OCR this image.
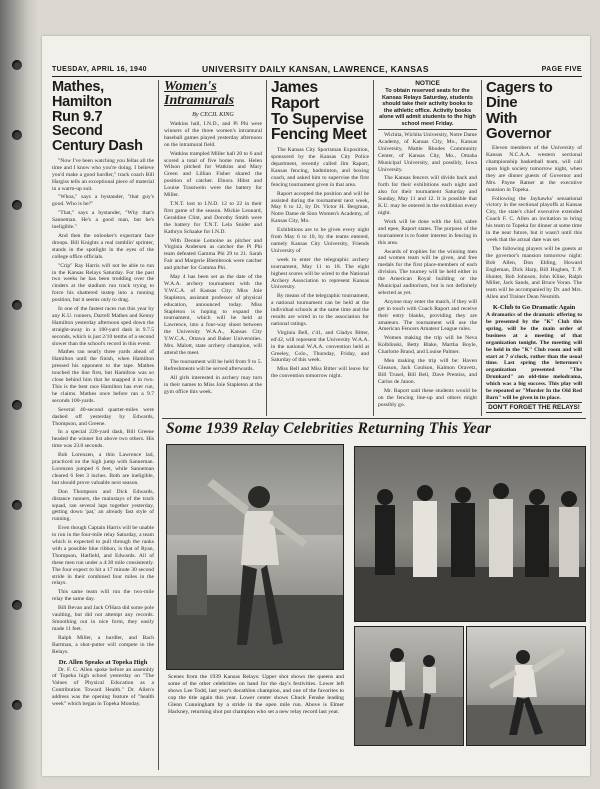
TUESDAY, APRIL 16, 1940	UNIVERSITY DAILY KANSAN, LAWRENCE, KANSAS	PAGE FIVE
Mathes, Hamilton
Run 9.7 Second
Century Dash

"Now I've been watching you fellas all the time and I know who you're doing. I believe you'd make a good hurdler," track coach Bill Hargiss tells an exceptional piece of material in a warm-up suit.

"Whoa," says a bystander, "that guy's good. Who is he?"

"That," says a bystander, "Why that's Sanneman. He's a good man, but he's ineligible."

And then the onlooker's expectant face droops. Bill Knights a real ramblin' sprinter, stands in the spotlight in the eyes of the college office officials.

"Crip" Ray Harris will not be able to run in the Kansas Relays Saturday. For the past two weeks he has been trodding over the cinders at the stadium run track trying to force his shattered instep into a running position, but it seems only to drag.

In one of the fastest races run this year by any K.U. runners, Darrell Mathes and Kenny Hamilton yesterday afternoon sped down the straight-away in a 100-yard dash in 9.7.5 seconds, which is just 2/10 tenths of a second slower than the school's record in this event.

Mathes ran nearly three yards ahead of Hamilton until the finish, when Hamilton pressed his opponent to the tape. Mathes touched the line first, but Hamilton was so close behind him that he snapped it in two. This is the best race Hamilton has ever run, he claims. Mathes once before ran a 9.7 seconds 100-yards.

Several 40-second quarter-miles were dashed off yesterday by Edwards, Thompson, and Greene.

In a special 220-yard dash, Bill Greene headed the winner list above two others. His time was 23.8 seconds.

Bob Lorenzen, a thin Lawrence lad, practiced on the high jump with Sanneman. Lorenzen jumped 6 feet, while Sanneman cleared 6 feet 3 inches. Both are ineligible, but should prove valuable next season.

Don Thompson and Dick Edwards, distance runners, the mainstays of the track squad, ran several laps together yesterday, getting down 'pat,' an already fast style of running.

Even though Captain Harris will be unable to run in the four-mile relay Saturday, a team which is expected to pull through the ranks with a possible blue ribbon, is that of Ryan, Thompson, Hatfield, and Edwards. All of these men run under a 4:30 mile consistently. The four expect to hit a 17 minute 30 second stride in their combined four miles in the relays.

This same team will run the two-mile relay the same day.

Bill Bevan and Jack O'Hara did some pole vaulting, but did not attempt any records. Smoothing out in nice form, they easily made 11 feet.

Ralph Miller, a hurdler, and Bach Bartman, a shot-putter will compete in the Relays.

Dr. Allen Speaks at Topeka High

Dr. F. C. Allen spoke before an assembly of Topeka high school yesterday on "The Values of Physical Education as a Contribution Toward Health." Dr. Allen's address was the opening feature of "health week" which began in Topeka Monday.

Women's
Intramurals
By CECIL KING

Watkins hall, I.N.D., and Pi Phi were winners of the three women's intramural baseball games played yesterday afternoon on the intramural field.

Watkins trampled Miller hall 20 to 6 and scored a total of five home runs. Helen Wilson pitched for Watkins and Mary Green and Lillian Fisher shared the position of catcher. Elnora Hibst and Louise Trautwein were the battery for Miller.

T.N.T. lost to I.N.D. 12 to 22 in their first game of the season. Mickie Leonard, Geraldine Clint, and Dorothy Smith were the battery for T.N.T. Lela Snider and Kathryn Schaake for I.N.D.

With Deonie Lemoine as pitcher and Virginia Andersen as catcher the Pi Phi team defeated Gamma Phi 29 to 21. Sarah Fair and Margerie Blembrook were catcher and pitcher for Gamma Phi.

May 4 has been set as the date of the W.A.A. archery tournament with the Y.W.C.A. of Kansas City. Miss Joie Stapleton, assistant professor of physical education, announced today. Miss Stapleton is hoping to expand the tournament, which will be held at Lawrence, into a four-way shoot between the University W.A.A., Kansas City Y.W.C.A., Ottawa and Baker Universities. Mrs. Malott, state archery champion, will attend the meet.

The tournament will be held from 9 to 5. Refreshments will be served afterwards.

All girls interested in archery may turn in their names to Miss Joie Stapleton at the gym office this week.

James Raport
To Supervise
Fencing Meet

The Kansas City Sportsman Exposition, sponsored by the Kansas City Police department, recently called Jim Raport, Kansas fencing, badminton, and boxing coach, and asked him to supervise the first fencing tournament given in that area.

Raport accepted the position and will be assisted during the tournament next week, May 6 to 12, by Dr. Victor H. Bergman, Notre Dame de Sion Women's Academy, of Kansas City, Mo.

Exhibitions are to be given every night from May 6 to 10, by the teams entered, namely Kansas City University, Friends University of

week to enter the telegraphic archery tournament, May 11 to 18. The eight highest scores will be wired to the National Archery Association to represent Kansas University.

By means of the telegraphic tournament, a national tournament can be held at the individual schools at the same time and the results are wired in to the association for national ratings.

Virginia Bell, c'41, and Gladys Bitter, ed'42, will represent the University W.A.A. in the national W.A.A. convention held at Greeley, Colo., Thursday, Friday, and Saturday of this week.

Miss Bell and Miss Bitter will leave for the convention tomorrow night.

NOTICE
To obtain reserved seats for the Kansas Relays Saturday, students should take their activity books to the athletic office. Activity books alone will admit students to the high school meet Friday.

Wichita, Wichita University, Notre Dame Academy, of Kansas City, Mo., Kansas University, Mattie Rhodes Community Center, of Kansas City, Mo., Omaha Municipal University, and possibly, Iowa University.

The Kansas fencers will divide back and forth for their exhibitions each night and also for their tournament Saturday and Sunday, May 11 and 12. It is possible that K.U. may be entered in the exhibition every night.

Work will be done with the foil, sabre and epee, Raport states. The purpose of the tournament is to foster interest in fencing in this area.

Awards of trophies for the winning men and women team will be given, and free medals for the first place-members of each division. The tourney will be held either in the American Royal building or the Municipal auditorium, but is not definitely selected as yet.

Anyone may enter the match, if they will get in touch with Coach Raport and receive their entry blanks, providing they are amateurs. The tournament will use the American Fencers Amateur League rules.

Women making the trip will be Neva Kolblinski, Betty Blake, Martha Boyle, Charlotte Brand, and Louise Palmer.

Men making the trip will be: Haven Gleason, Jack Coulson, Kalmon Oravetz, Bill Trusel, Bill Bell, Dave Prentiss, and Carlos de Janon.

Mr. Raport said these students would be on the fencing line-up and others might possibly go.

Cagers to Dine
With Governor

Eleven members of the University of Kansas N.C.A.A. western sectional championship basketball team, will call upon high society tomorrow night, when they are dinner guests of Governor and Mrs. Payne Ratner at the executive mansion in Topeka.

Following the Jayhawks' sensational victory in the sectional playoffs at Kansas City, the state's chief executive extended Coach F. C. Allen an invitation to bring his team to Topeka for dinner at some time in the near future, but it wasn't until this week that the actual date was set.

The following players will be guests at the governor's mansion tomorrow night: Bob Allen, Don Ebling, Howard Engleman, Dick Harp, Bill Hogben, T. P. Hunter, Bob Johnson, John Kline, Ralph Miller, Jack Sands, and Bruce Voran. The team will be accompanied by Dr. and Mrs. Allen and Trainer Dean Nesmith.

K-Club to Go Dramatic Again
A dramatics of the dramatic offering to be presented by the "K" Club this spring, will be the main order of business at a meeting of that organization tonight. The meeting will be held in the "K" Club room and will start at 7 o'clock, rather than the usual time. Last spring the lettermen's organization presented "The Drunkard" an old-time melodrama, which was a big success. This play will be repeated or "Murder In the Old Red Barn" will be given in its place.
DON'T FORGET THE RELAYS!
Some 1939 Relay Celebrities Returning This Year
Scenes from the 1939 Kansas Relays: Upper shot shows the queens and some of the other celebrities on hand for the day's festivities. Lower left shows Lee Todd, last year's decathlon champion, and one of the favorites to cop the title again this year. Lower center shows Chuck Fenske leading Glenn Cunningham by a stride in the open mile run. Above is Elmer Hackney, returning shot put champion who set a new relay record last year.
